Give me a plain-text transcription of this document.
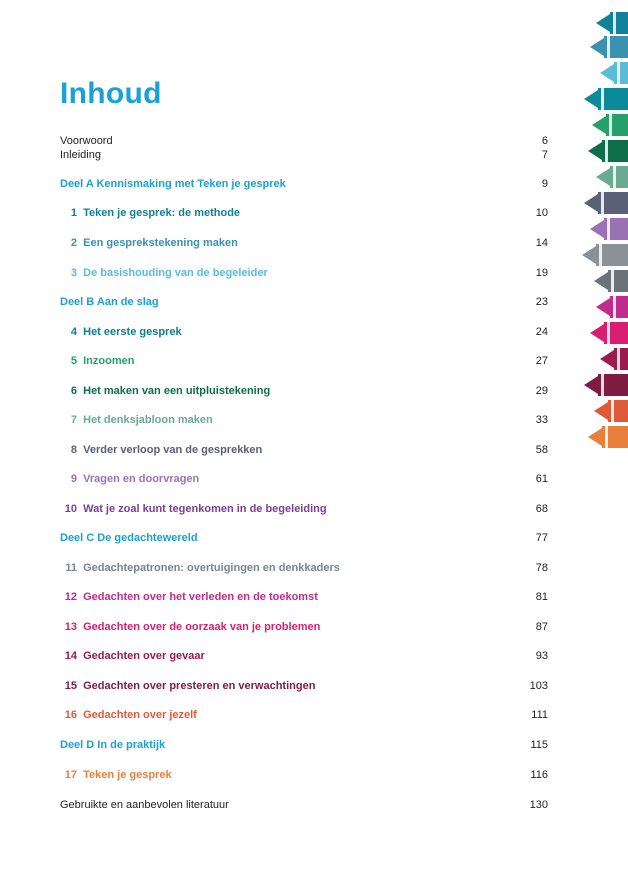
Inhoud
Voorwoord	6
Inleiding	7
Deel A Kennismaking met Teken je gesprek	9
1 Teken je gesprek: de methode	10
2 Een gesprekstekening maken	14
3 De basishouding van de begeleider	19
Deel B Aan de slag	23
4 Het eerste gesprek	24
5 Inzoomen	27
6 Het maken van een uitpluistekening	29
7 Het denksjabloon maken	33
8 Verder verloop van de gesprekken	58
9 Vragen en doorvragen	61
10 Wat je zoal kunt tegenkomen in de begeleiding	68
Deel C De gedachtewereld	77
11 Gedachtepatronen: overtuigingen en denkkaders	78
12 Gedachten over het verleden en de toekomst	81
13 Gedachten over de oorzaak van je problemen	87
14 Gedachten over gevaar	93
15 Gedachten over presteren en verwachtingen	103
16 Gedachten over jezelf	111
Deel D In de praktijk	115
17 Teken je gesprek	116
Gebruikte en aanbevolen literatuur	130
